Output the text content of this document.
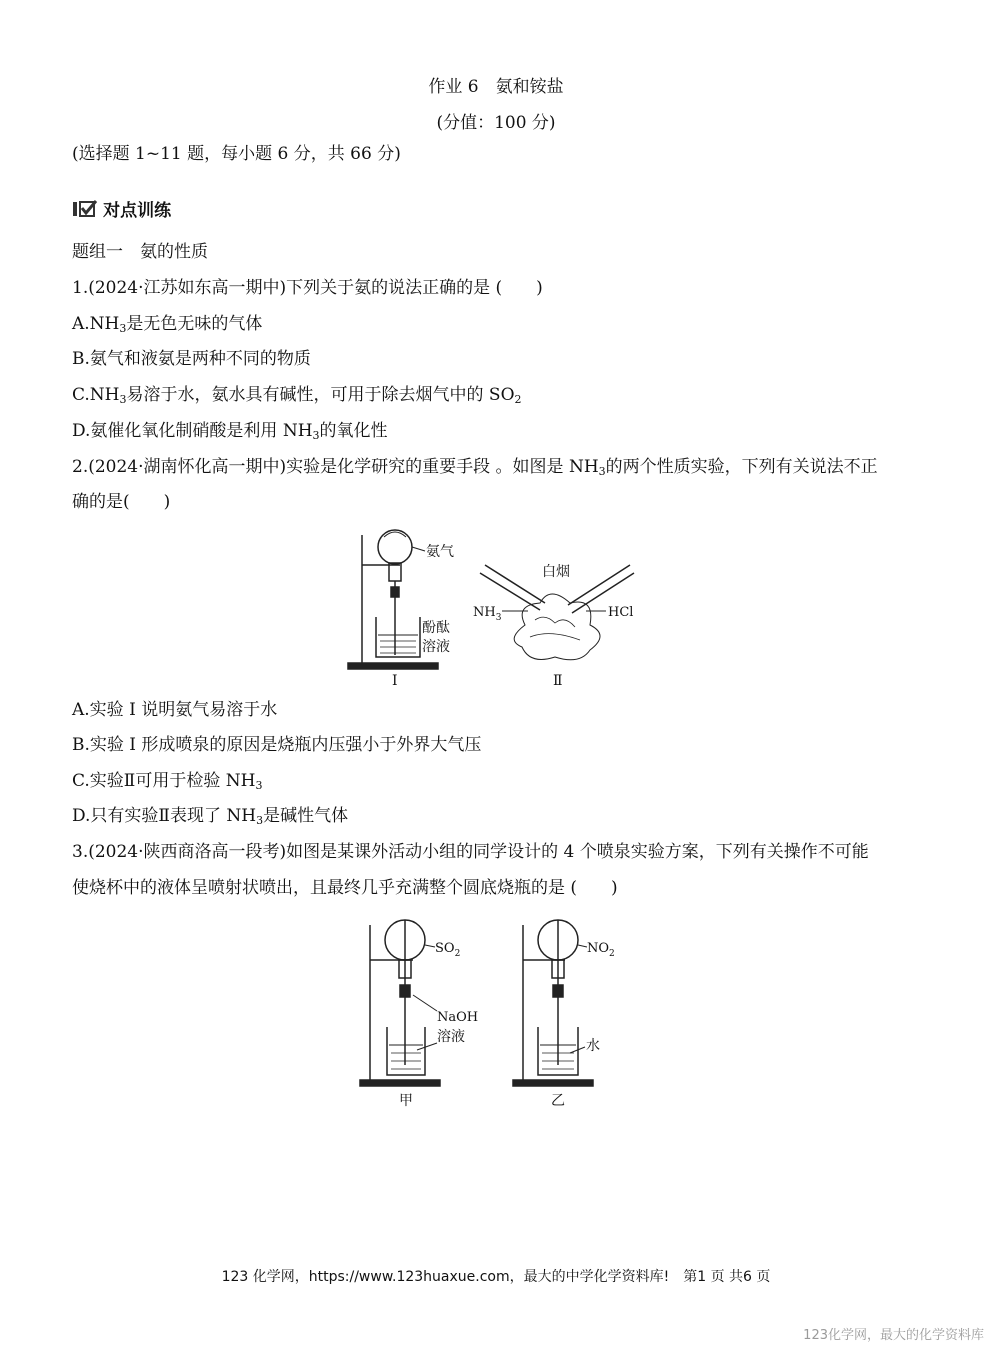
作业 6　氨和铵盐
(分值：100 分)
(选择题 1~11 题，每小题 6 分，共 66 分)
对点训练
题组一　氨的性质
1.(2024·江苏如东高一期中)下列关于氨的说法正确的是 (　　)
$A.NH_3$是无色无味的气体
B.氨气和液氨是两种不同的物质
$C.NH_3$易溶于水，氨水具有碱性，可用于除去烟气中的 $SO_2$
D.氨催化氧化制硝酸是利用 $NH_3$的氧化性
2.(2024·湖南怀化高一期中)实验是化学研究的重要手段 。如图是 $NH_3$的两个性质实验，下列有关说法不正
确的是(　　)
氨气
酚酞
溶液
Ⅰ
白烟
$NH_3$	HCl
Ⅱ
A.实验 Ⅰ 说明氨气易溶于水
B.实验 Ⅰ 形成喷泉的原因是烧瓶内压强小于外界大气压
C.实验Ⅱ可用于检验 $NH_3$
D.只有实验Ⅱ表现了 $NH_3$是碱性气体
3.(2024·陕西商洛高一段考)如图是某课外活动小组的同学设计的 4 个喷泉实验方案，下列有关操作不可能
使烧杯中的液体呈喷射状喷出，且最终几乎充满整个圆底烧瓶的是 (　　)
$SO_2$
NaOH
溶液
甲
$NO_2$
水
乙
123 化学网，https://www.123huaxue.com，最大的中学化学资料库!　第1 页 共6 页
123化学网，最大的化学资料库
